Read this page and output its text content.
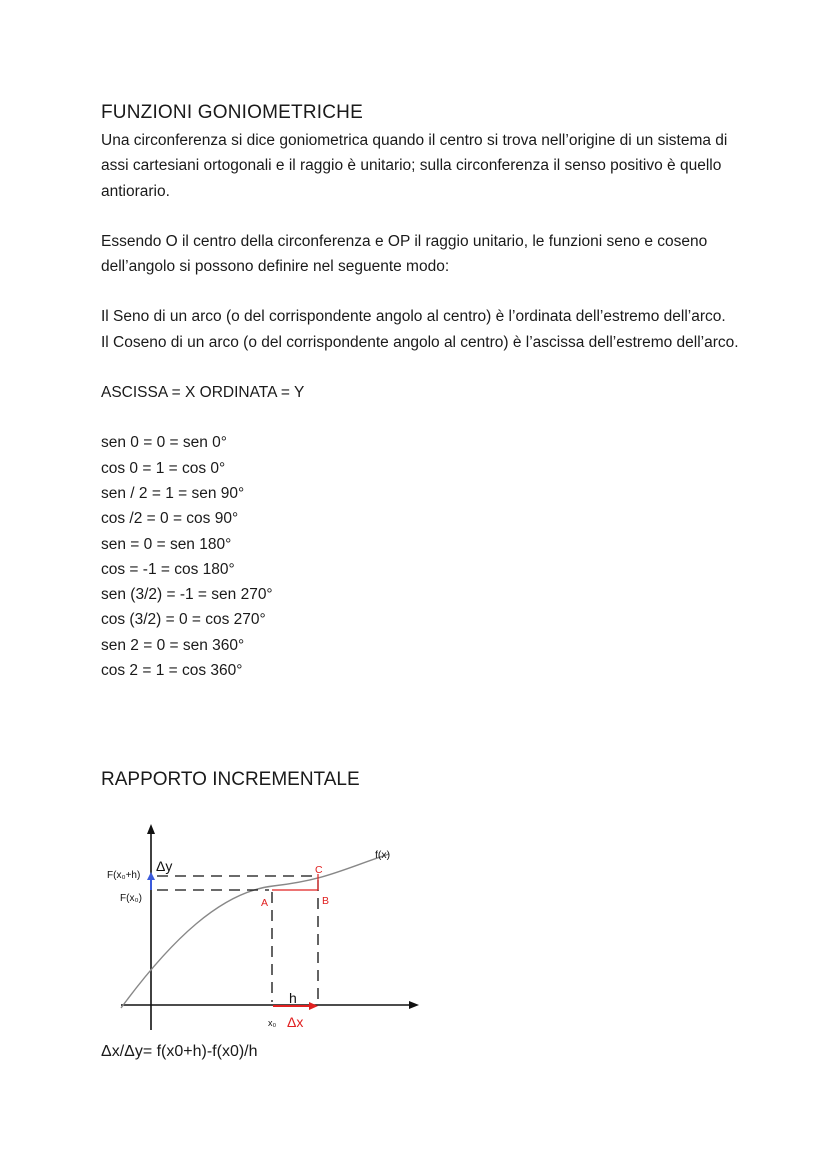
FUNZIONI GONIOMETRICHE

Una circonferenza si dice goniometrica quando il centro si trova nell’origine di un sistema di assi cartesiani ortogonali e il raggio è unitario; sulla circonferenza il senso positivo è quello antiorario.

Essendo O il centro della circonferenza e OP il raggio unitario, le funzioni seno e coseno dell’angolo si possono definire nel seguente modo:

Il Seno di un arco (o del corrispondente angolo al centro) è l’ordinata dell’estremo dell’arco.

Il Coseno di un arco (o del corrispondente angolo al centro) è l’ascissa dell’estremo dell’arco.

ASCISSA = X ORDINATA = Y

sen 0 = 0 = sen 0°
cos 0 = 1 = cos 0°
sen / 2 = 1 = sen 90°
cos /2 = 0 = cos 90°
sen = 0 = sen 180°
cos = -1 = cos 180°
sen (3/2) = -1 = sen 270°
cos (3/2) = 0 = cos 270°
sen 2 = 0 = sen 360°
cos 2 = 1 = cos 360°
RAPPORTO INCREMENTALE
f(x)
F(x₀+h)
F(x₀)
Δy	C
A	B
h
x₀ Δx
Δx/Δy= f(x0+h)-f(x0)/h
